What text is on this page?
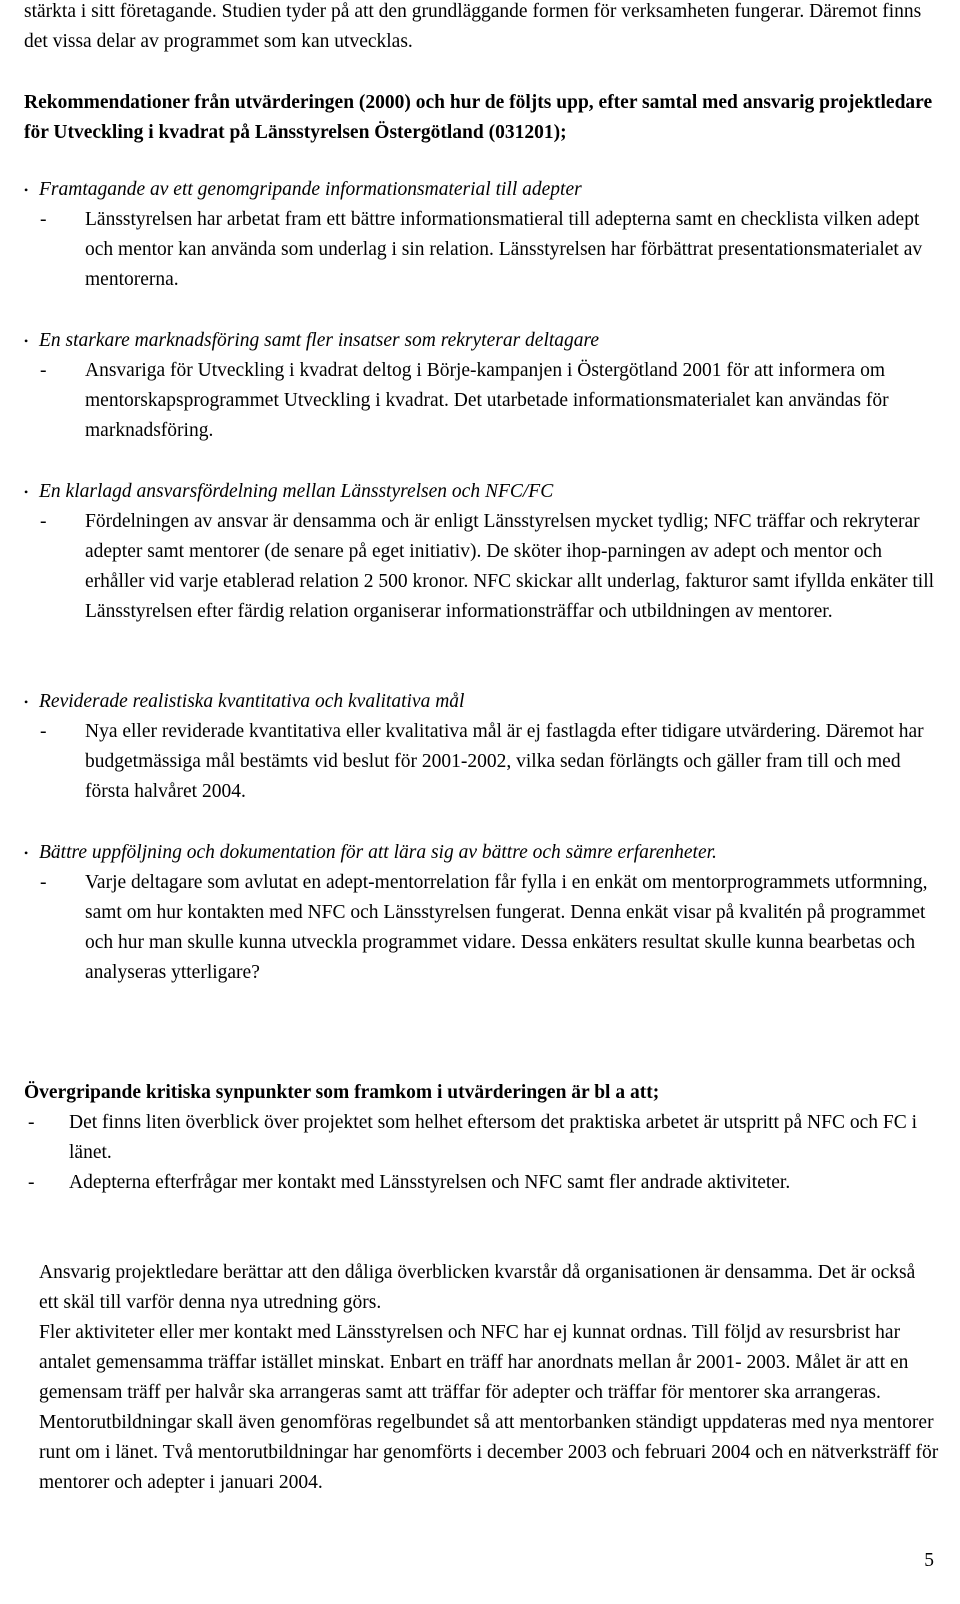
stärkta i sitt företagande. Studien tyder på att den grundläggande formen för verksamheten fungerar. Däremot finns det vissa delar av programmet som kan utvecklas.

Rekommendationer från utvärderingen (2000) och hur de följts upp, efter samtal med ansvarig projektledare för Utveckling i kvadrat på Länsstyrelsen Östergötland (031201);

• Framtagande av ett genomgripande informationsmaterial till adepter
- Länsstyrelsen har arbetat fram ett bättre informationsmatieral till adepterna samt en checklista vilken adept och mentor kan använda som underlag i sin relation. Länsstyrelsen har förbättrat presentationsmaterialet av mentorerna.
• En starkare marknadsföring samt fler insatser som rekryterar deltagare
- Ansvariga för Utveckling i kvadrat deltog i Börje-kampanjen i Östergötland 2001 för att informera om mentorskapsprogrammet Utveckling i kvadrat. Det utarbetade informationsmaterialet kan användas för marknadsföring.
• En klarlagd ansvarsfördelning mellan Länsstyrelsen och NFC/FC
- Fördelningen av ansvar är densamma och är enligt Länsstyrelsen mycket tydlig; NFC träffar och rekryterar adepter samt mentorer (de senare på eget initiativ). De sköter ihop-parningen av adept och mentor och erhåller vid varje etablerad relation 2 500 kronor. NFC skickar allt underlag, fakturor samt ifyllda enkäter till Länsstyrelsen efter färdig relation organiserar informationsträffar och utbildningen av mentorer.
• Reviderade realistiska kvantitativa och kvalitativa mål
- Nya eller reviderade kvantitativa eller kvalitativa mål är ej fastlagda efter tidigare utvärdering. Däremot har budgetmässiga mål bestämts vid beslut för 2001-2002, vilka sedan förlängts och gäller fram till och med första halvåret 2004.
• Bättre uppföljning och dokumentation för att lära sig av bättre och sämre erfarenheter.
- Varje deltagare som avlutat en adept-mentorrelation får fylla i en enkät om mentorprogrammets utformning, samt om hur kontakten med NFC och Länsstyrelsen fungerat. Denna enkät visar på kvalitén på programmet och hur man skulle kunna utveckla programmet vidare. Dessa enkäters resultat skulle kunna bearbetas och analyseras ytterligare?

Övergripande kritiska synpunkter som framkom i utvärderingen är bl a att;

- Det finns liten överblick över projektet som helhet eftersom det praktiska arbetet är utspritt på NFC och FC i länet.
- Adepterna efterfrågar mer kontakt med Länsstyrelsen och NFC samt fler andrade aktiviteter.

Ansvarig projektledare berättar att den dåliga överblicken kvarstår då organisationen är densamma. Det är också ett skäl till varför denna nya utredning görs.

Fler aktiviteter eller mer kontakt med Länsstyrelsen och NFC har ej kunnat ordnas. Till följd av resursbrist har antalet gemensamma träffar istället minskat. Enbart en träff har anordnats mellan år 2001- 2003. Målet är att en gemensam träff per halvår ska arrangeras samt att träffar för adepter och träffar för mentorer ska arrangeras. Mentorutbildningar skall även genomföras regelbundet så att mentorbanken ständigt uppdateras med nya mentorer runt om i länet. Två mentorutbildningar har genomförts i december 2003 och februari 2004 och en nätverksträff för mentorer och adepter i januari 2004.

5
